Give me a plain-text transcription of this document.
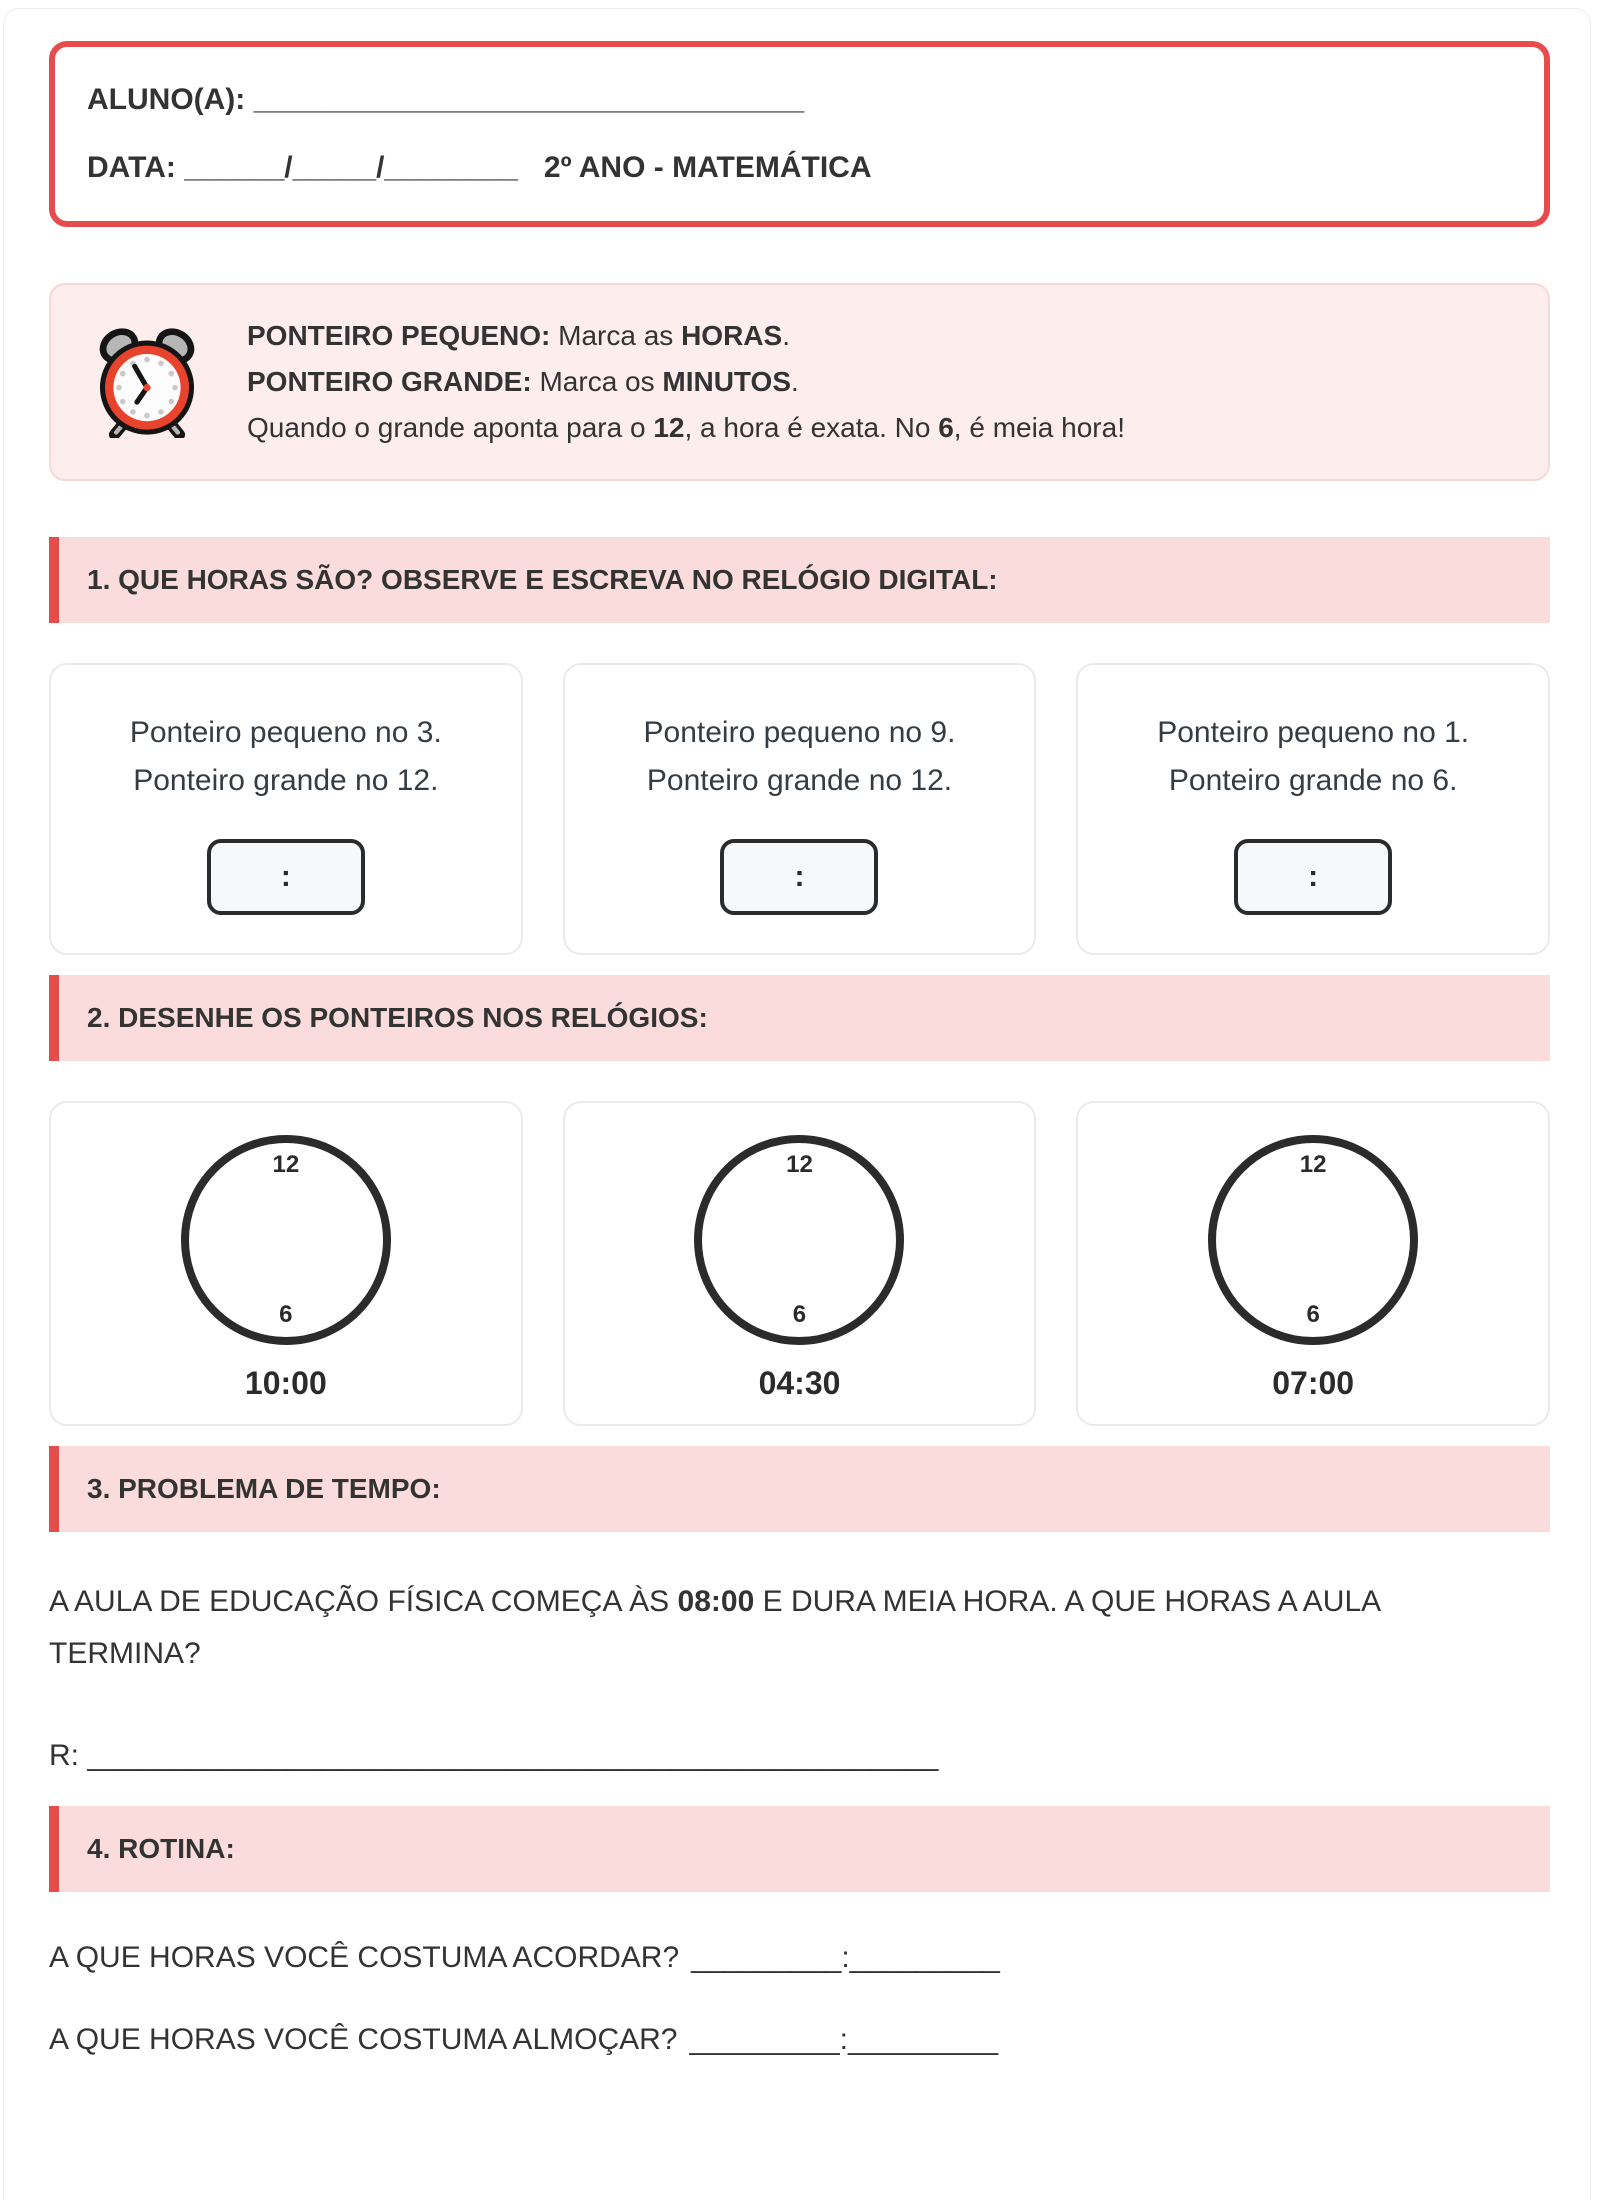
ALUNO(A): _________________________________
DATA: ______/_____/________ 2º ANO - MATEMÁTICA

PONTEIRO PEQUENO: Marca as HORAS.

PONTEIRO GRANDE: Marca os MINUTOS.

Quando o grande aponta para o 12, a hora é exata. No 6, é meia hora!

1. QUE HORAS SÃO? OBSERVE E ESCREVA NO RELÓGIO DIGITAL:

Ponteiro pequeno no 3.

Ponteiro grande no 12.

:

Ponteiro pequeno no 9.

Ponteiro grande no 12.

:

Ponteiro pequeno no 1.

Ponteiro grande no 6.

:
2. DESENHE OS PONTEIROS NOS RELÓGIOS:
12
6
10:00
12
6
04:30
12
6
07:00
3. PROBLEMA DE TEMPO:

A AULA DE EDUCAÇÃO FÍSICA COMEÇA ÀS 08:00 E DURA MEIA HORA. A QUE HORAS A AULA TERMINA?

R: ___________________________________________________
4. ROTINA:
A QUE HORAS VOCÊ COSTUMA ACORDAR? _________:_________
A QUE HORAS VOCÊ COSTUMA ALMOÇAR? _________:_________
